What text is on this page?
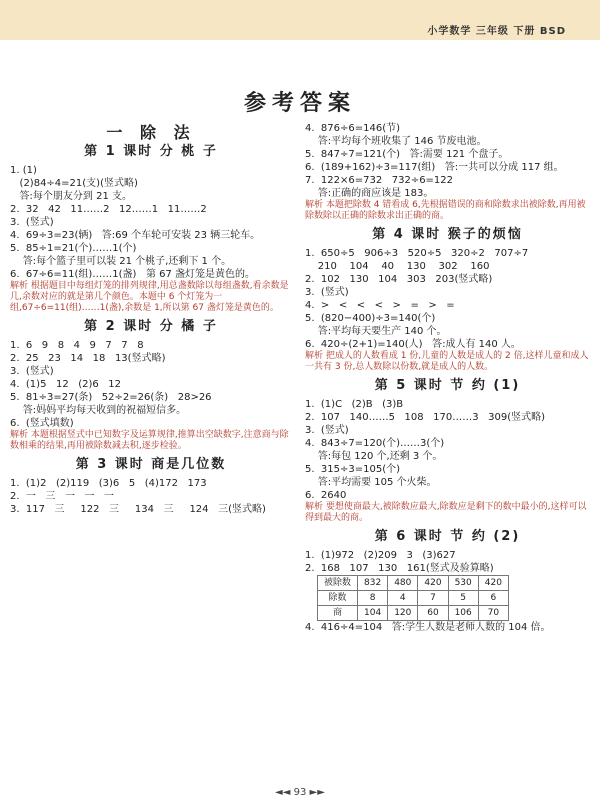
小学数学 三年级 下册 BSD
参考答案
一 除 法
第 1 课时 分 桃 子
1. (1)
(2)84÷4=21(支)(竖式略)
答:每个朋友分到 21 支。
2.  32   42   11……2   12……1   11……2
3.  (竖式)
4.  69÷3=23(辆)   答:69 个车轮可安装 23 辆三轮车。
5.  85÷1=21(个)……1(个)
答:每个篮子里可以装 21 个桃子,还剩下 1 个。
6.  67÷6=11(组)……1(盏)   第 67 盏灯笼是黄色的。
解析 根据题目中每组灯笼的排列规律,用总盏数除以每组盏数,看余数是几,余数对应的就是第几个颜色。本题中 6 个灯笼为一组,67÷6=11(组)……1(盏),余数是 1,所以第 67 盏灯笼是黄色的。
第 2 课时 分 橘 子
1.  6   9   8   4   9   7   7   8
2.  25   23   14   18   13(竖式略)
3.  (竖式)
4.  (1)5   12   (2)6   12
5.  81÷3=27(条)   52÷2=26(条)   28>26
答:妈妈平均每天收到的祝福短信多。
6.  (竖式填数)
解析 本题根据竖式中已知数字及运算规律,推算出空缺数字,注意商与除数相乘的结果,再用被除数减去积,逐步检验。
第 3 课时 商是几位数
1.  (1)2   (2)119   (3)6   5   (4)172   173
2.  一   三   一   一   一
3.  117   三     122   三     134   三     124   三(竖式略)
4.  876÷6=146(节)
答:平均每个班收集了 146 节废电池。
5.  847÷7=121(个)   答:需要 121 个盘子。
6.  (189+162)÷3=117(组)   答:一共可以分成 117 组。
7.  122×6=732   732÷6=122
答:正确的商应该是 183。
解析 本题把除数 4 错看成 6,先根据错误的商和除数求出被除数,再用被除数除以正确的除数求出正确的商。
第 4 课时 猴子的烦恼
1.  650÷5   906÷3   520÷5   320÷2   707÷7
210    104    40    130    302    160
2.  102   130   104   303   203(竖式略)
3.  (竖式)
4.  >   <   <   <   >   =   >   =
5.  (820−400)÷3=140(个)
答:平均每天要生产 140 个。
6.  420÷(2+1)=140(人)   答:成人有 140 人。
解析 把成人的人数看成 1 份,儿童的人数是成人的 2 倍,这样儿童和成人一共有 3 份,总人数除以份数,就是成人的人数。
第 5 课时 节 约 (1)
1.  (1)C   (2)B   (3)B
2.  107   140……5   108   170……3   309(竖式略)
3.  (竖式)
4.  843÷7=120(个)……3(个)
答:每包 120 个,还剩 3 个。
5.  315÷3=105(个)
答:平均需要 105 个火柴。
6.  2640
解析 要想使商最大,被除数应最大,除数应是剩下的数中最小的,这样可以得到最大的商。
第 6 课时 节 约 (2)
1.  (1)972   (2)209   3   (3)627
2.  168   107   130   161(竖式及验算略)
被除数	832	480	420	530	420
除数	8	4	7	5	6
商	104	120	60	106	70
4.  416÷4=104   答:学生人数是老师人数的 104 倍。
◄◄ 93 ►►
